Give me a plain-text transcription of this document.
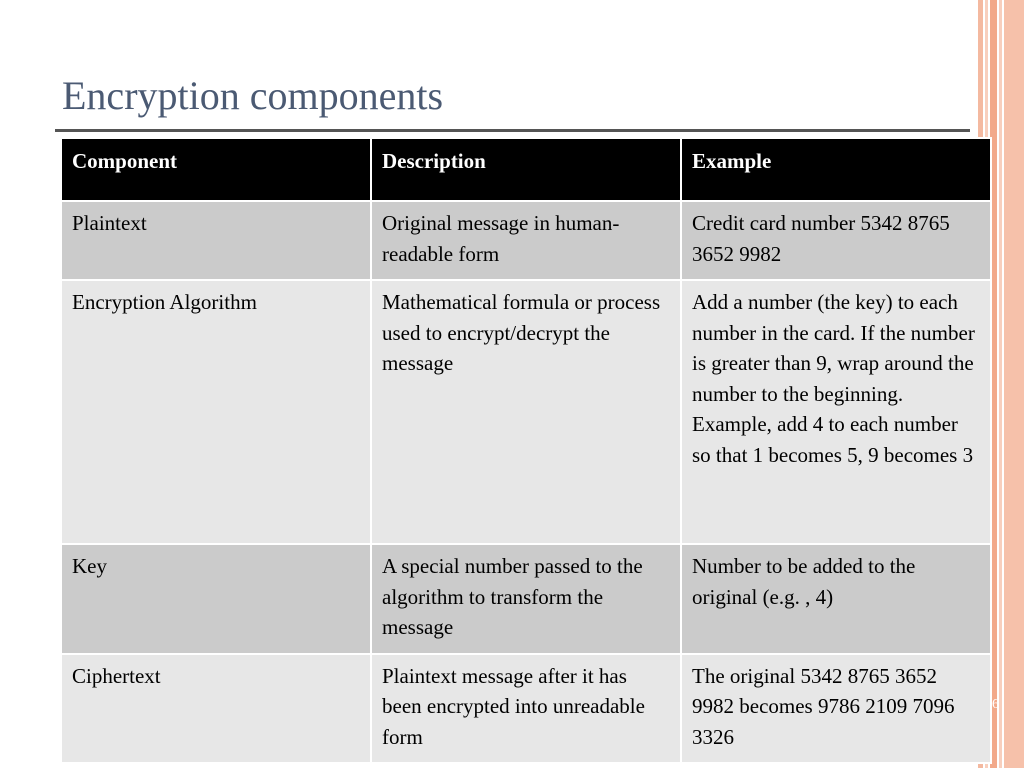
Encryption components
Component	Description	Example
Plaintext	Original message in human-readable form	Credit card number 5342 8765 3652 9982
Encryption Algorithm	Mathematical formula or process used to encrypt/decrypt the message	Add a number (the key) to each number in the card. If the number is greater than 9, wrap around the number to the beginning. Example, add 4 to each number so that 1 becomes 5, 9 becomes 3
Key	A special number passed to the algorithm to transform the message	Number to be added to the original (e.g. , 4)
Ciphertext	Plaintext message after it has been encrypted into unreadable form	The original 5342 8765 3652 9982 becomes 9786 2109 7096 3326
6
